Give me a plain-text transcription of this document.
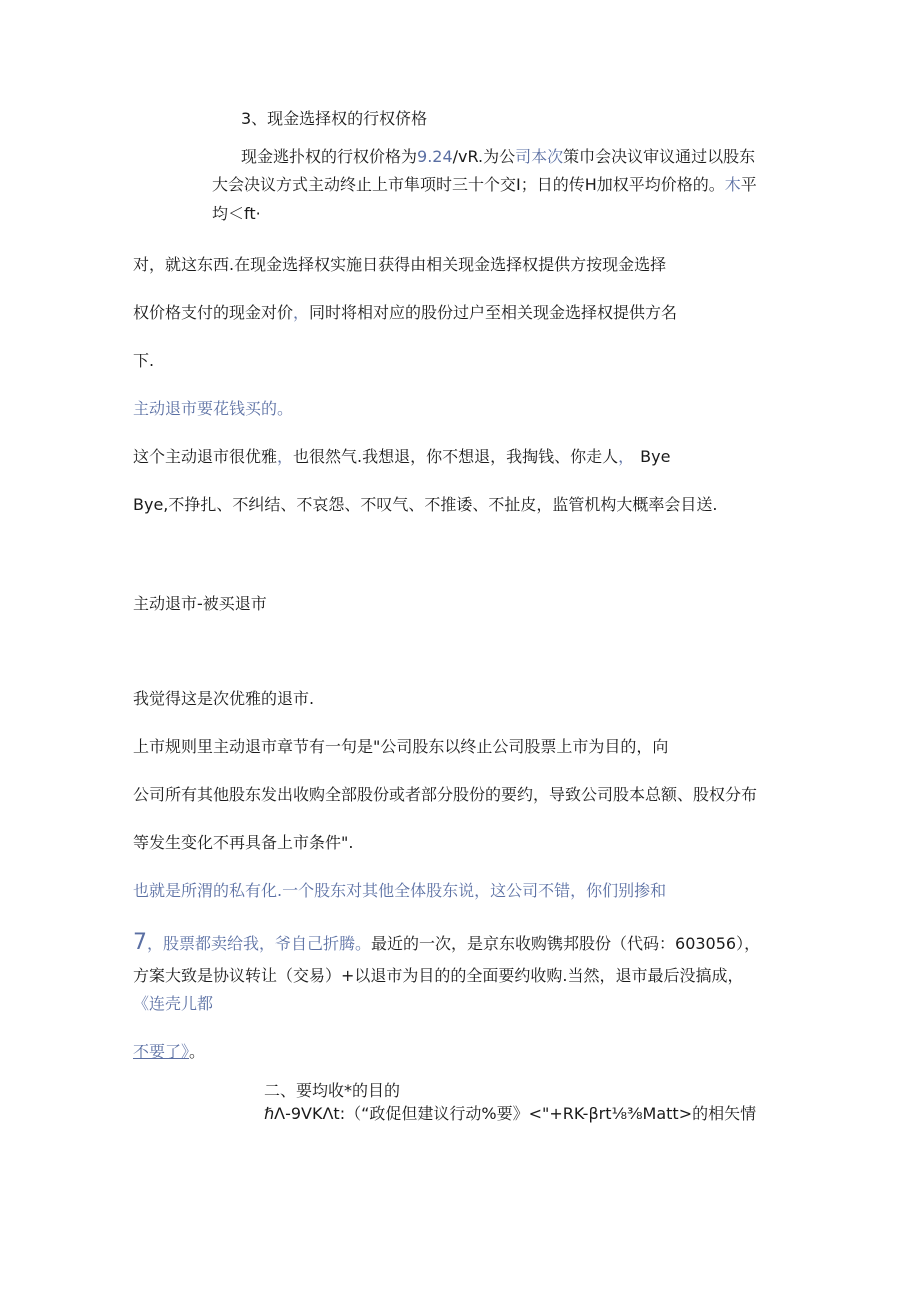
3、现金选择权的行权侪格

现金逃扑权的行权价格为9.24∕vR.为公司本次策巾会决议审议通过以股东

大会决议方式主动终止上市隼项时三十个交I；日的传H加权平均价格的。木平

均＜ft·

对，就这东西.在现金选择权实施日获得由相关现金选择权提供方按现金选择

权价格支付的现金对价，同时将相对应的股份过户至相关现金选择权提供方名

下.

主动退市要花钱买的。

这个主动退市很优雅，也很然气.我想退，你不想退，我掏钱、你走人， Bye

Bye,不挣扎、不纠结、不哀怨、不叹气、不推诿、不扯皮，监管机构大概率会目送.

主动退市-被买退市

我觉得这是次优雅的退市.

上市规则里主动退市章节有一句是"公司股东以终止公司股票上市为目的，向

公司所有其他股东发出收购全部股份或者部分股份的要约，导致公司股本总额、股权分布

等发生变化不再具备上市条件".

也就是所渭的私有化.一个股东对其他全体股东说，这公司不错，你们别掺和

7，股票都卖给我，爷自己折腾。最近的一次，是京东收购镌邦股份（代码：603056），

方案大致是协议转让（交易）+以退市为目的的全面要约收购.当然，退市最后没搞成，

《连壳儿都

不要了》。

二、要均收*的目的

ℏΛ-9VKΛt:（“政促但建议行动%要》<"+RK-βrt⅛⅜Matt>的相矢情
